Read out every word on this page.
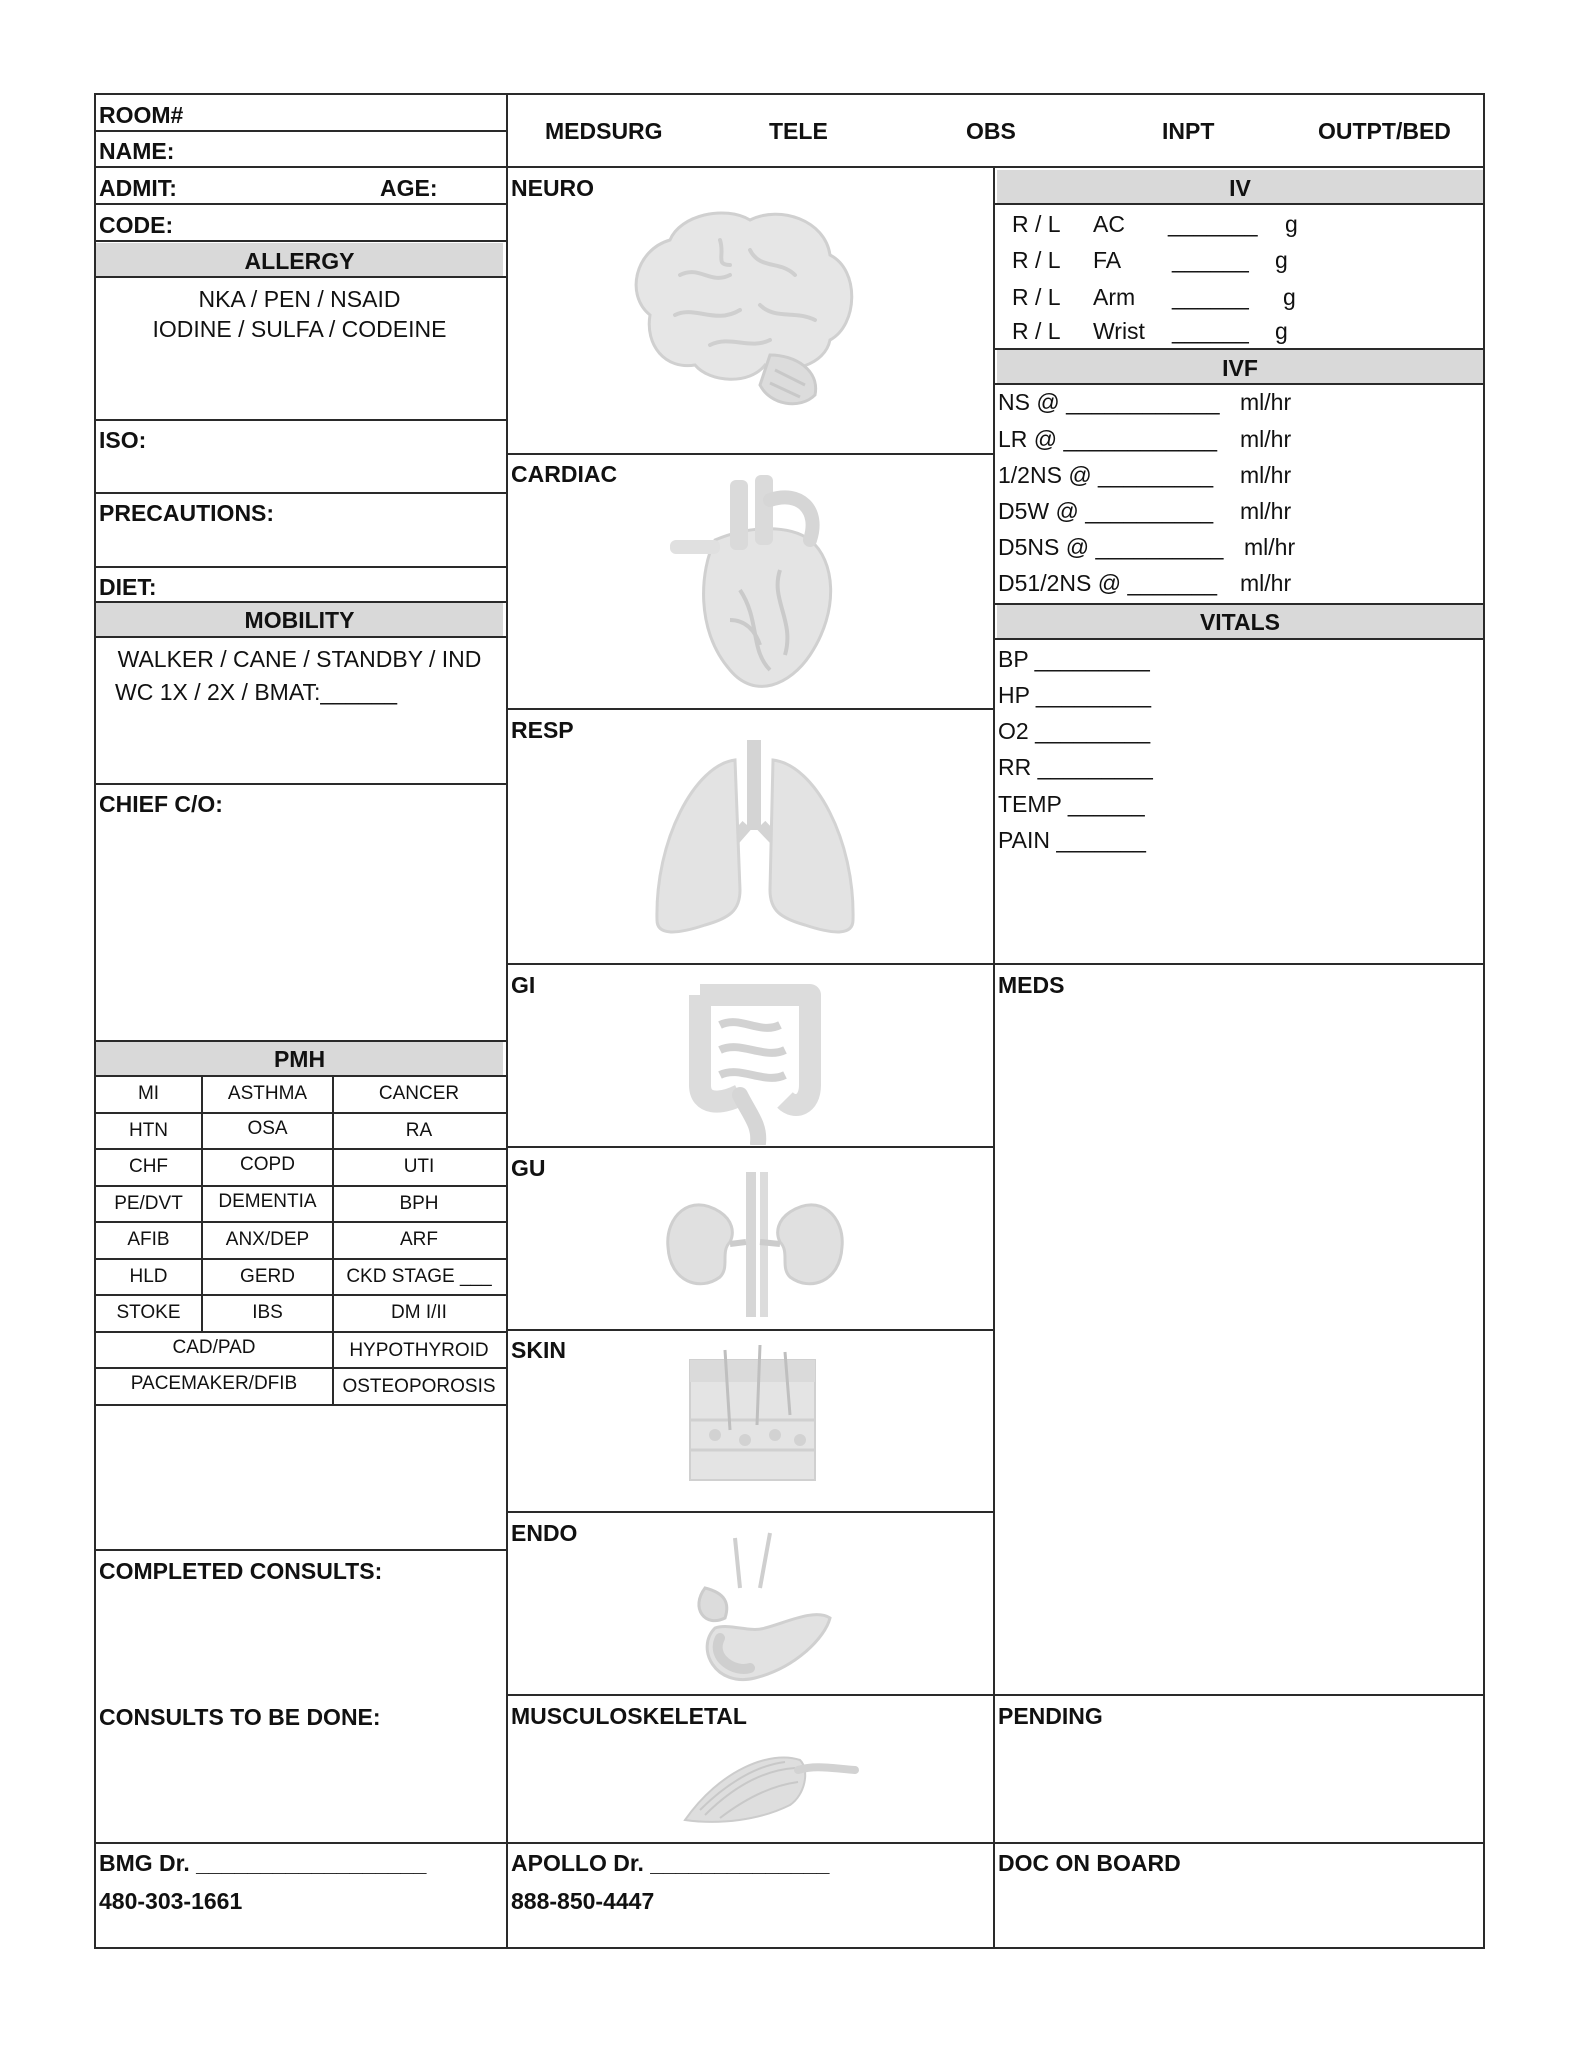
ROOM#
NAME:
ADMIT:	AGE:
CODE:
ALLERGY
NKA / PEN / NSAID
IODINE / SULFA / CODEINE
ISO:
PRECAUTIONS:
DIET:
MOBILITY
WALKER / CANE / STANDBY / IND
WC 1X / 2X / BMAT:______
CHIEF C/O:
PMH
MI	ASTHMA	CANCER
HTN	OSA	RA
CHF	COPD	UTI
PE/DVT	DEMENTIA	BPH
AFIB	ANX/DEP	ARF
HLD	GERD	CKD STAGE ___
STOKE	IBS	DM I/II
CAD/PAD	HYPOTHYROID
PACEMAKER/DFIB	OSTEOPOROSIS
COMPLETED CONSULTS:
CONSULTS TO BE DONE:
BMG Dr. __________________
480-303-1661
MEDSURG	TELE	OBS	INPT	OUTPT/BED
NEURO
CARDIAC
RESP
GI
GU
SKIN
ENDO
MUSCULOSKELETAL
APOLLO Dr. ______________
888-850-4447
IV
R / L AC _______ g
R / L FA ______ g
R / L Arm ______ g
R / L Wrist ______ g
IVF
NS @ ____________ ml/hr
LR @ ____________ ml/hr
1/2NS @ _________ ml/hr
D5W @ __________ ml/hr
D5NS @ __________ ml/hr
D51/2NS @ _______ ml/hr
VITALS
BP _________
HP _________
O2 _________
RR _________
TEMP ______
PAIN _______
MEDS
PENDING
DOC ON BOARD
